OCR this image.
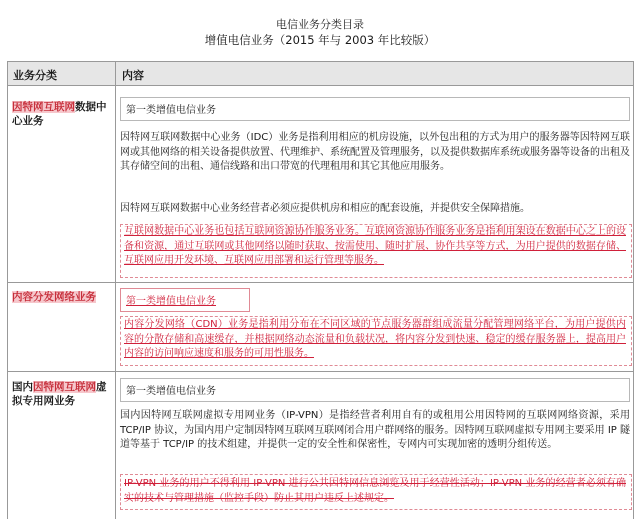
电信业务分类目录
增值电信业务（2015 年与 2003 年比较版）
业务分类	内容
因特网互联网数据中心业务
第一类增值电信业务
因特网互联网数据中心业务（IDC）业务是指利用相应的机房设施，以外包出租的方式为用户的服务器等因特网互联网或其他网络的相关设备提供放置、代理维护、系统配置及管理服务，以及提供数据库系统或服务器等设备的出租及其存储空间的出租、通信线路和出口带宽的代理租用和其它其他应用服务。
因特网互联网数据中心业务经营者必须应提供机房和相应的配套设施，并提供安全保障措施。
互联网数据中心业务也包括互联网资源协作服务业务。互联网资源协作服务业务是指利用架设在数据中心之上的设备和资源，通过互联网或其他网络以随时获取、按需使用、随时扩展、协作共享等方式，为用户提供的数据存储、互联网应用开发环境、互联网应用部署和运行管理等服务。
内容分发网络业务	第一类增值电信业务
内容分发网络（CDN）业务是指利用分布在不同区域的节点服务器群组成流量分配管理网络平台，为用户提供内容的分散存储和高速缓存，并根据网络动态流量和负载状况，将内容分发到快速、稳定的缓存服务器上，提高用户内容的访问响应速度和服务的可用性服务。
国内因特网互联网虚拟专用网业务
第一类增值电信业务
国内因特网互联网虚拟专用网业务（IP-VPN）是指经营者利用自有的或租用公用因特网的互联网网络资源，采用 TCP/IP 协议，为国内用户定制因特网互联网互联网闭合用户群网络的服务。因特网互联网虚拟专用网主要采用 IP 隧道等基于 TCP/IP 的技术组建，并提供一定的安全性和保密性，专网内可实现加密的透明分组传送。
IP-VPN 业务的用户不得利用 IP-VPN 进行公共因特网信息浏览及用于经营性活动；IP-VPN 业务的经营者必须有确实的技术与管理措施（监控手段）防止其用户违反上述规定。
